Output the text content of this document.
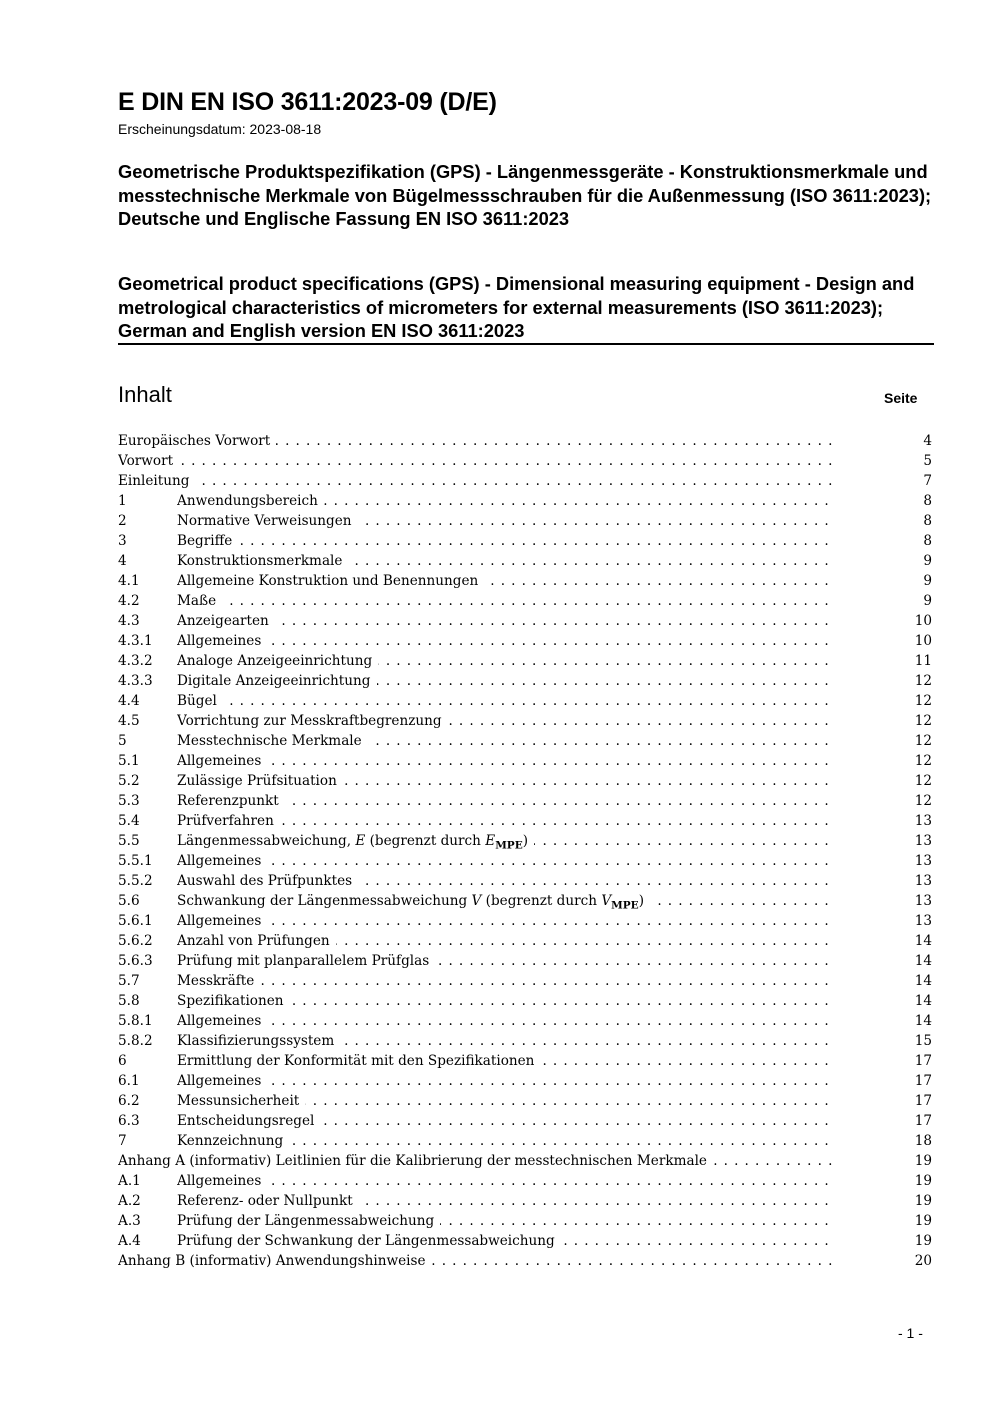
E DIN EN ISO 3611:2023-09 (D/E)
Erscheinungsdatum: 2023-08-18

Geometrische Produktspezifikation (GPS) - Längenmessgeräte - Konstruktionsmerkmale und messtechnische Merkmale von Bügelmessschrauben für die Außenmessung (ISO 3611:2023); Deutsche und Englische Fassung EN ISO 3611:2023

Geometrical product specifications (GPS) - Dimensional measuring equipment - Design and metrological characteristics of micrometers for external measurements (ISO 3611:2023); German and English version EN ISO 3611:2023

Inhalt	Seite
Europäisches Vorwort . . .	4
Vorwort . . .	5
Einleitung . . .	7
1	Anwendungsbereich . . .	8
2	Normative Verweisungen . . .	8
3	Begriffe . . .	8
4	Konstruktionsmerkmale . . .	9
4.1	Allgemeine Konstruktion und Benennungen . . .	9
4.2	Maße . . .	9
4.3	Anzeigearten . . .	10
4.3.1	Allgemeines . . .	10
4.3.2	Analoge Anzeigeeinrichtung . . .	11
4.3.3	Digitale Anzeigeeinrichtung . . .	12
4.4	Bügel . . .	12
4.5	Vorrichtung zur Messkraftbegrenzung . . .	12
5	Messtechnische Merkmale . . .	12
5.1	Allgemeines . . .	12
5.2	Zulässige Prüfsituation . . .	12
5.3	Referenzpunkt . . .	12
5.4	Prüfverfahren . . .	13
5.5	Längenmessabweichung, E (begrenzt durch $E_{MPE}$) . . .	13
5.5.1	Allgemeines . . .	13
5.5.2	Auswahl des Prüfpunktes . . .	13
5.6	Schwankung der Längenmessabweichung V (begrenzt durch $V_{MPE}$) . . .	13
5.6.1	Allgemeines . . .	13
5.6.2	Anzahl von Prüfungen . . .	14
5.6.3	Prüfung mit planparallelem Prüfglas . . .	14
5.7	Messkräfte . . .	14
5.8	Spezifikationen . . .	14
5.8.1	Allgemeines . . .	14
5.8.2	Klassifizierungssystem . . .	15
6	Ermittlung der Konformität mit den Spezifikationen . . .	17
6.1	Allgemeines . . .	17
6.2	Messunsicherheit . . .	17
6.3	Entscheidungsregel . . .	17
7	Kennzeichnung . . .	18
Anhang A (informativ) Leitlinien für die Kalibrierung der messtechnischen Merkmale . . .	19
A.1	Allgemeines . . .	19
A.2	Referenz- oder Nullpunkt . . .	19
A.3	Prüfung der Längenmessabweichung . . .	19
A.4	Prüfung der Schwankung der Längenmessabweichung . . .	19
Anhang B (informativ) Anwendungshinweise . . .	20
- 1 -
